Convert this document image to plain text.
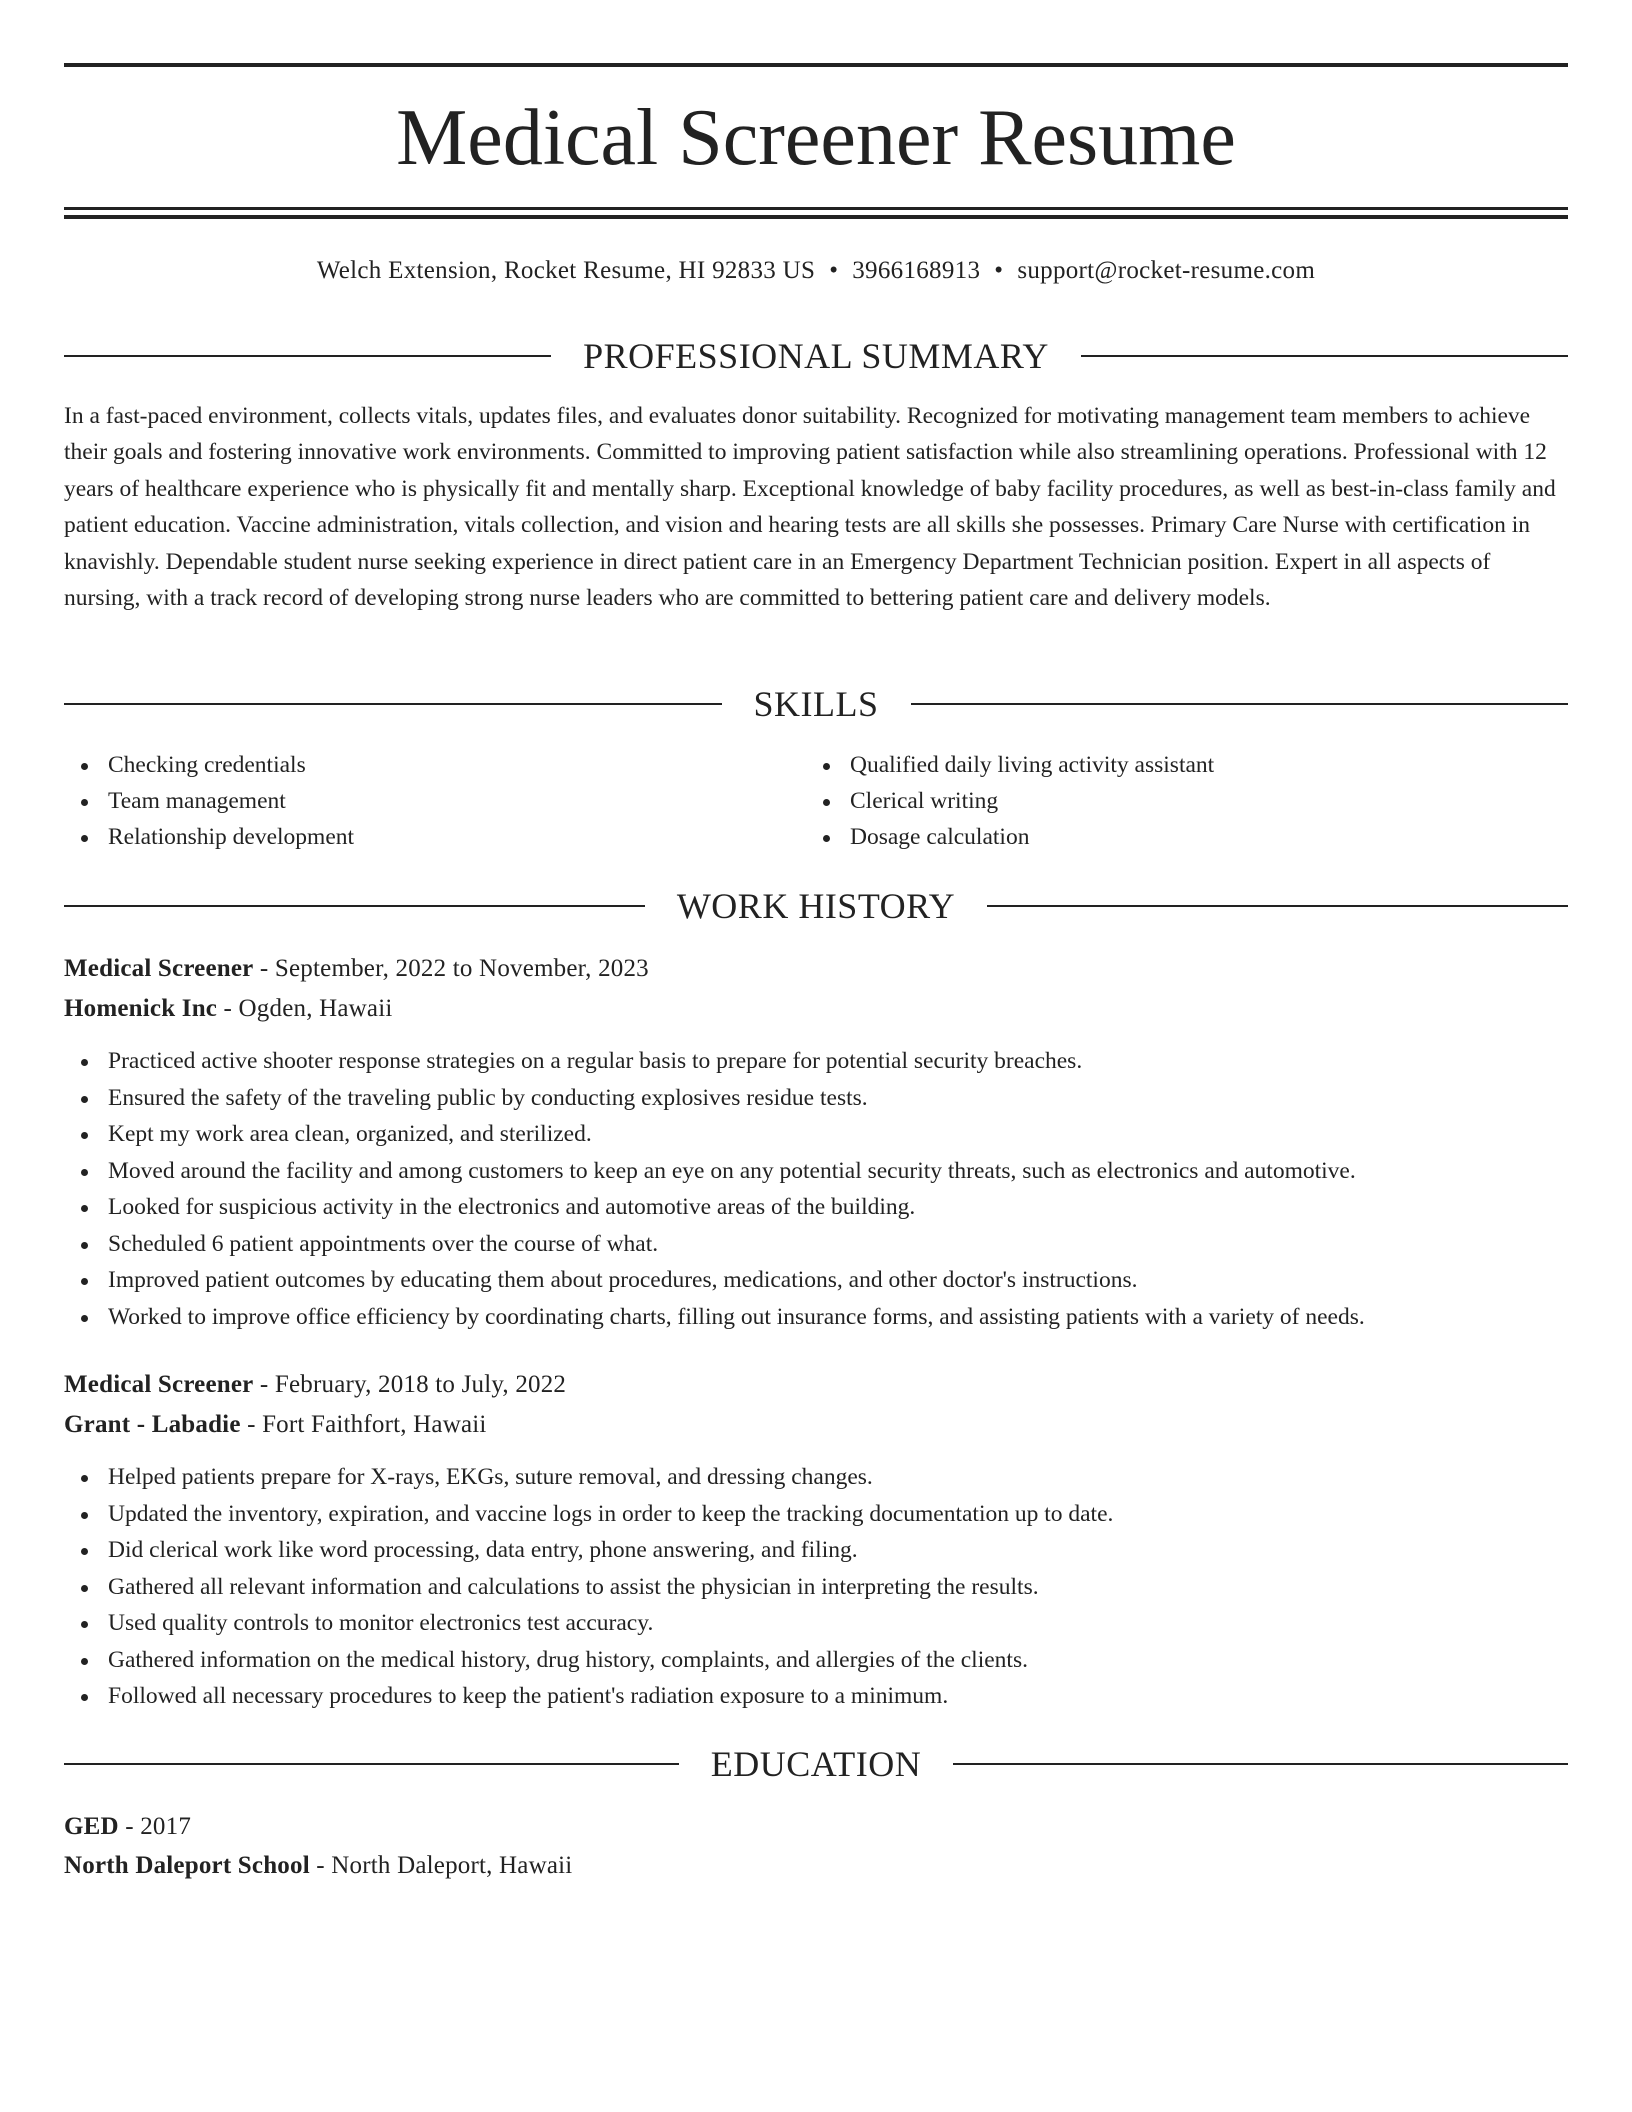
Medical Screener Resume
Welch Extension, Rocket Resume, HI 92833 US • 3966168913 • support@rocket-resume.com
PROFESSIONAL SUMMARY

In a fast-paced environment, collects vitals, updates files, and evaluates donor suitability. Recognized for motivating management team members to achieve their goals and fostering innovative work environments. Committed to improving patient satisfaction while also streamlining operations. Professional with 12 years of healthcare experience who is physically fit and mentally sharp. Exceptional knowledge of baby facility procedures, as well as best-in-class family and patient education. Vaccine administration, vitals collection, and vision and hearing tests are all skills she possesses. Primary Care Nurse with certification in knavishly. Dependable student nurse seeking experience in direct patient care in an Emergency Department Technician position. Expert in all aspects of nursing, with a track record of developing strong nurse leaders who are committed to bettering patient care and delivery models.

SKILLS
Checking credentials
Team management
Relationship development
Qualified daily living activity assistant
Clerical writing
Dosage calculation
WORK HISTORY
Medical Screener - September, 2022 to November, 2023
Homenick Inc - Ogden, Hawaii
Practiced active shooter response strategies on a regular basis to prepare for potential security breaches.
Ensured the safety of the traveling public by conducting explosives residue tests.
Kept my work area clean, organized, and sterilized.
Moved around the facility and among customers to keep an eye on any potential security threats, such as electronics and automotive.
Looked for suspicious activity in the electronics and automotive areas of the building.
Scheduled 6 patient appointments over the course of what.
Improved patient outcomes by educating them about procedures, medications, and other doctor's instructions.
Worked to improve office efficiency by coordinating charts, filling out insurance forms, and assisting patients with a variety of needs.
Medical Screener - February, 2018 to July, 2022
Grant - Labadie - Fort Faithfort, Hawaii
Helped patients prepare for X-rays, EKGs, suture removal, and dressing changes.
Updated the inventory, expiration, and vaccine logs in order to keep the tracking documentation up to date.
Did clerical work like word processing, data entry, phone answering, and filing.
Gathered all relevant information and calculations to assist the physician in interpreting the results.
Used quality controls to monitor electronics test accuracy.
Gathered information on the medical history, drug history, complaints, and allergies of the clients.
Followed all necessary procedures to keep the patient's radiation exposure to a minimum.
EDUCATION
GED - 2017
North Daleport School - North Daleport, Hawaii
